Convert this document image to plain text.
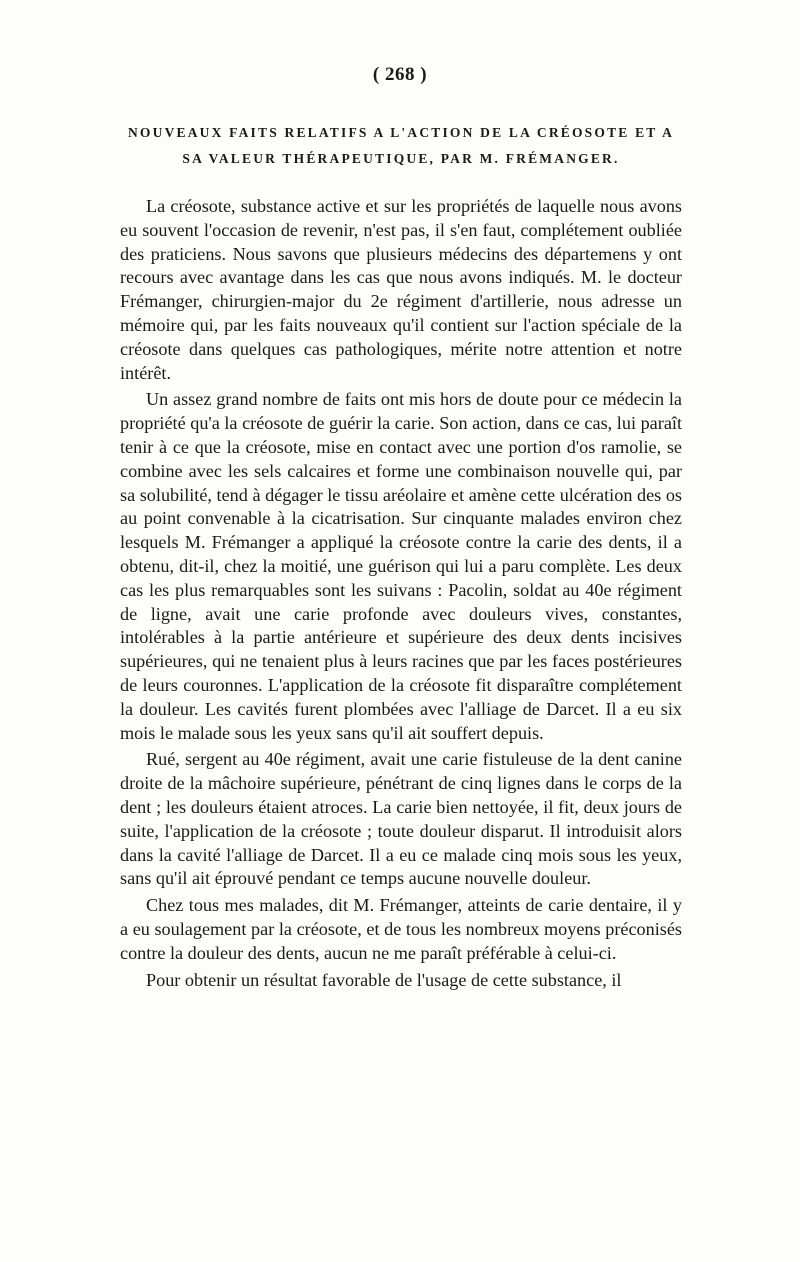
( 268 )
NOUVEAUX FAITS RELATIFS A L'ACTION DE LA CRÉOSOTE ET A
SA VALEUR THÉRAPEUTIQUE, PAR M. FRÉMANGER.

La créosote, substance active et sur les propriétés de laquelle nous avons eu souvent l'occasion de revenir, n'est pas, il s'en faut, complétement oubliée des praticiens. Nous savons que plusieurs médecins des départemens y ont recours avec avantage dans les cas que nous avons indiqués. M. le docteur Frémanger, chirurgien-major du 2e régiment d'artillerie, nous adresse un mémoire qui, par les faits nouveaux qu'il contient sur l'action spéciale de la créosote dans quelques cas pathologiques, mérite notre attention et notre intérêt.

Un assez grand nombre de faits ont mis hors de doute pour ce médecin la propriété qu'a la créosote de guérir la carie. Son action, dans ce cas, lui paraît tenir à ce que la créosote, mise en contact avec une portion d'os ramolie, se combine avec les sels calcaires et forme une combinaison nouvelle qui, par sa solubilité, tend à dégager le tissu aréolaire et amène cette ulcération des os au point convenable à la cicatrisation. Sur cinquante malades environ chez lesquels M. Frémanger a appliqué la créosote contre la carie des dents, il a obtenu, dit-il, chez la moitié, une guérison qui lui a paru complète. Les deux cas les plus remarquables sont les suivans : Pacolin, soldat au 40e régiment de ligne, avait une carie profonde avec douleurs vives, constantes, intolérables à la partie antérieure et supérieure des deux dents incisives supérieures, qui ne tenaient plus à leurs racines que par les faces postérieures de leurs couronnes. L'application de la créosote fit disparaître complétement la douleur. Les cavités furent plombées avec l'alliage de Darcet. Il a eu six mois le malade sous les yeux sans qu'il ait souffert depuis.

Rué, sergent au 40e régiment, avait une carie fistuleuse de la dent canine droite de la mâchoire supérieure, pénétrant de cinq lignes dans le corps de la dent ; les douleurs étaient atroces. La carie bien nettoyée, il fit, deux jours de suite, l'application de la créosote ; toute douleur disparut. Il introduisit alors dans la cavité l'alliage de Darcet. Il a eu ce malade cinq mois sous les yeux, sans qu'il ait éprouvé pendant ce temps aucune nouvelle douleur.

Chez tous mes malades, dit M. Frémanger, atteints de carie dentaire, il y a eu soulagement par la créosote, et de tous les nombreux moyens préconisés contre la douleur des dents, aucun ne me paraît préférable à celui-ci.

Pour obtenir un résultat favorable de l'usage de cette substance, il
